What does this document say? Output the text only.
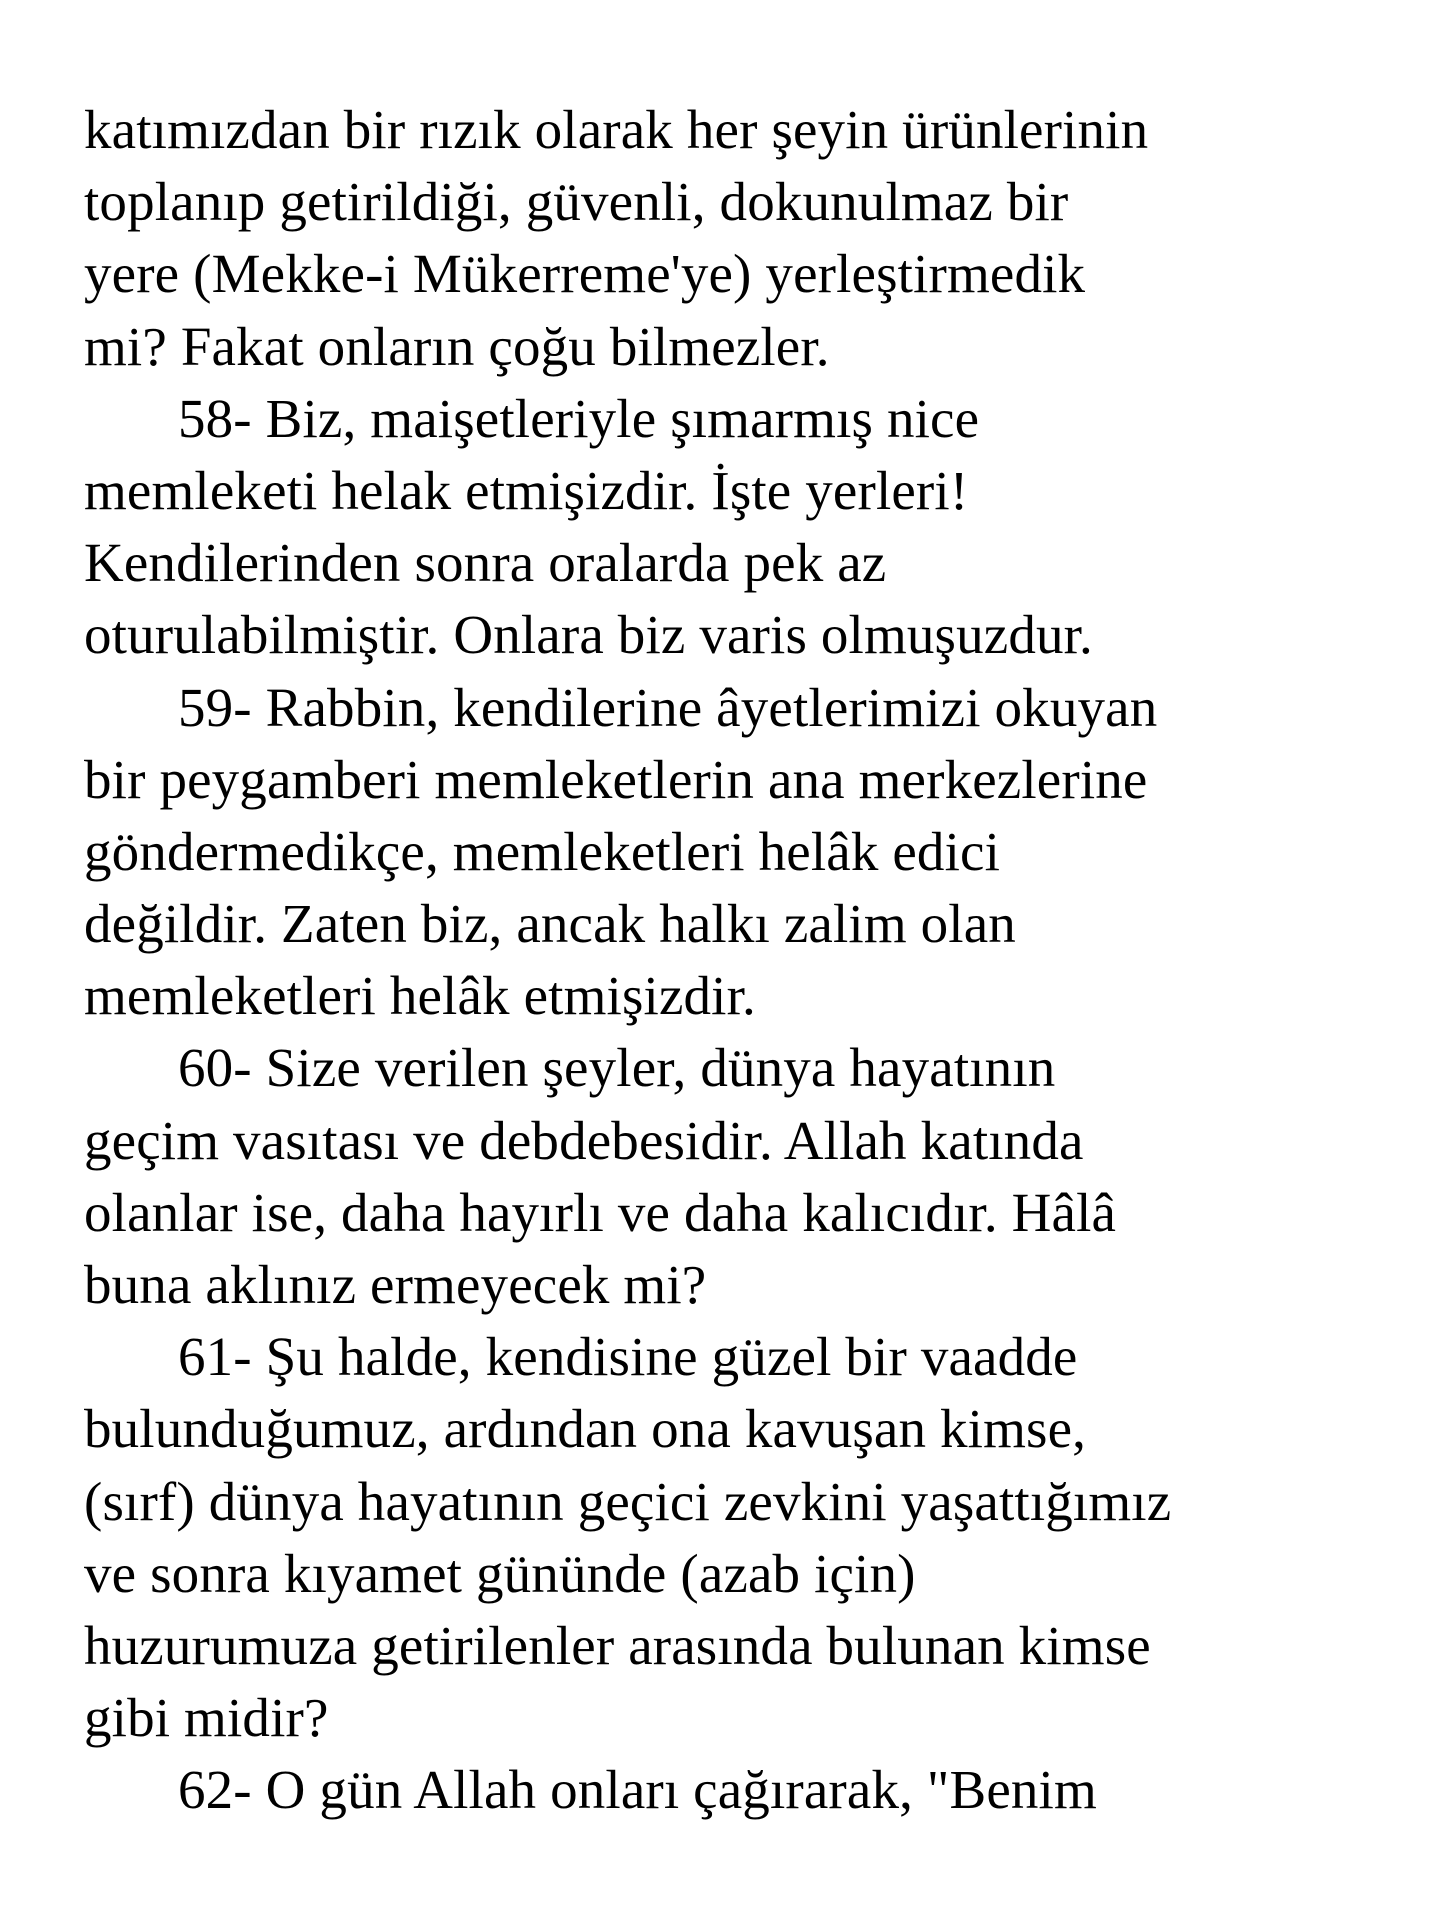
katımızdan bir rızık olarak her şeyin ürünlerinin
toplanıp getirildiği, güvenli, dokunulmaz bir
yere (Mekke-i Mükerreme'ye) yerleştirmedik
mi? Fakat onların çoğu bilmezler.
58- Biz, maişetleriyle şımarmış nice
memleketi helak etmişizdir. İşte yerleri!
Kendilerinden sonra oralarda pek az
oturulabilmiştir. Onlara biz varis olmuşuzdur.
59- Rabbin, kendilerine âyetlerimizi okuyan
bir peygamberi memleketlerin ana merkezlerine
göndermedikçe, memleketleri helâk edici
değildir. Zaten biz, ancak halkı zalim olan
memleketleri helâk etmişizdir.
60- Size verilen şeyler, dünya hayatının
geçim vasıtası ve debdebesidir. Allah katında
olanlar ise, daha hayırlı ve daha kalıcıdır. Hâlâ
buna aklınız ermeyecek mi?
61- Şu halde, kendisine güzel bir vaadde
bulunduğumuz, ardından ona kavuşan kimse,
(sırf) dünya hayatının geçici zevkini yaşattığımız
ve sonra kıyamet gününde (azab için)
huzurumuza getirilenler arasında bulunan kimse
gibi midir?
62- O gün Allah onları çağırarak, "Benim
